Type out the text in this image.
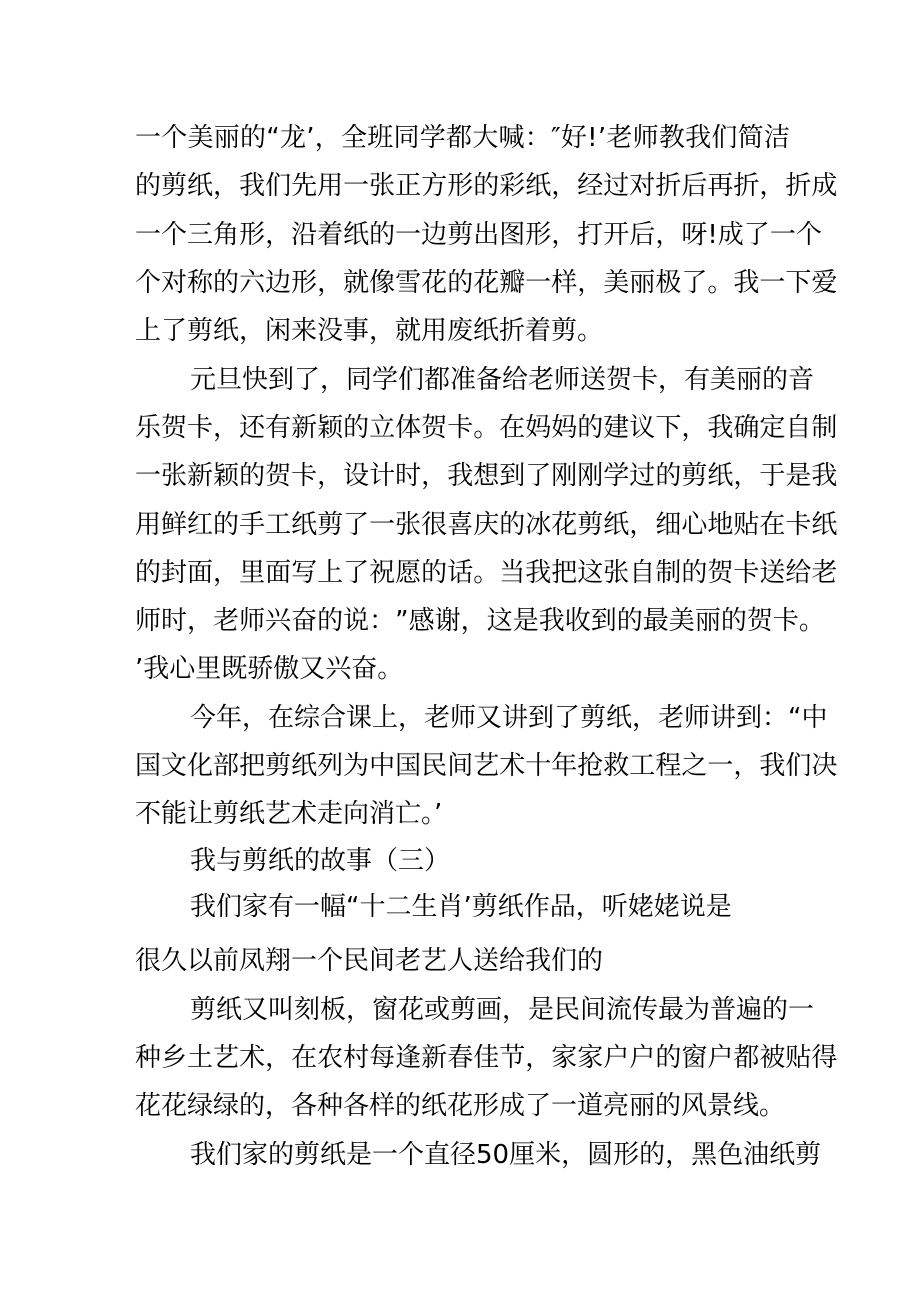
一 个 美 丽 的 “ 龙 ’ ， 全 班 同 学 都 大 喊 ： ″ 好 ! ’ 老 师 教 我 们 简 洁
的 剪 纸 ， 我 们 先 用 一 张 正 方 形 的 彩 纸 ， 经 过 对 折 后 再 折 ， 折 成
一 个 三 角 形 ， 沿 着 纸 的 一 边 剪 出 图 形 ， 打 开 后 ， 呀 ! 成 了 一 个
个 对 称 的 六 边 形 ， 就 像 雪 花 的 花 瓣 一 样 ， 美 丽 极 了 。 我 一 下 爱
上了剪纸，闲来没事，就用废纸折着剪。
元旦快到了，同学们都准备给老师送贺卡，有美丽的音
乐 贺 卡 ， 还 有 新 颖 的 立 体 贺 卡 。 在 妈 妈 的 建 议 下 ， 我 确 定 自 制
一 张 新 颖 的 贺 卡 ， 设 计 时 ， 我 想 到 了 刚 刚 学 过 的 剪 纸 ， 于 是 我
用 鲜 红 的 手 工 纸 剪 了 一 张 很 喜 庆 的 冰 花 剪 纸 ， 细 心 地 贴 在 卡 纸
的 封 面 ， 里 面 写 上 了 祝 愿 的 话 。 当 我 把 这 张 自 制 的 贺 卡 送 给 老
师 时 ， 老 师 兴 奋 的 说 ： ” 感 谢 ， 这 是 我 收 到 的 最 美 丽 的 贺 卡 。
’我心里既骄傲又兴奋。
今年，在综合课上，老师又讲到了剪纸，老师讲到：“中
国 文 化 部 把 剪 纸 列 为 中 国 民 间 艺 术 十 年 抢 救 工 程 之 一 ， 我 们 决
不能让剪纸艺术走向消亡。’
我与剪纸的故事（三）
我们家有一幅“十二生肖’剪纸作品，听姥姥说是
很久以前凤翔一个民间老艺人送给我们的
剪纸又叫刻板，窗花或剪画，是民间流传最为普遍的一
种 乡 土 艺 术 ， 在 农 村 每 逢 新 春 佳 节 ， 家 家 户 户 的 窗 户 都 被 贴 得
花花绿绿的，各种各样的纸花形成了一道亮丽的风景线。
我们家的剪纸是一个直径50厘米，圆形的，黑色油纸剪
